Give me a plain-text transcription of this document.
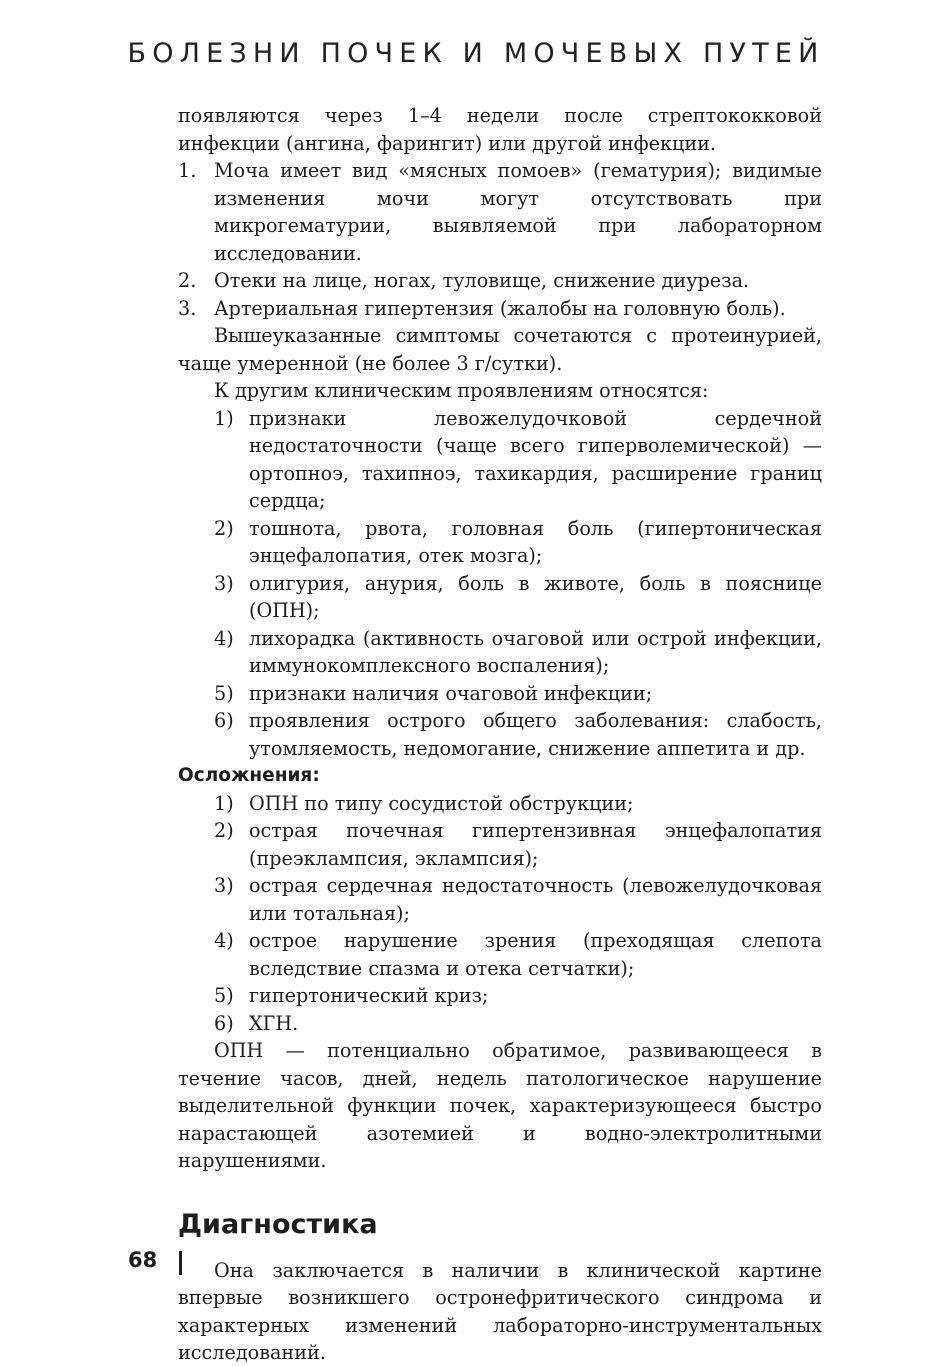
БОЛЕЗНИ ПОЧЕК И МОЧЕВЫХ ПУТЕЙ

появляются через 1–4 недели после стрептококковой инфекции (ангина, фарингит) или другой инфекции.

1. Моча имеет вид «мясных помоев» (гематурия); видимые изменения мочи могут отсутствовать при микрогематурии, выявляемой при лабораторном исследовании.
2. Отеки на лице, ногах, туловище, снижение диуреза.
3. Артериальная гипертензия (жалобы на головную боль).

Вышеуказанные симптомы сочетаются с протеинурией, чаще умеренной (не более 3 г/сутки).

К другим клиническим проявлениям относятся:

1) признаки левожелудочковой сердечной недостаточности (чаще всего гиперволемической) — ортопноэ, тахипноэ, тахикардия, расширение границ сердца;
2) тошнота, рвота, головная боль (гипертоническая энцефалопатия, отек мозга);
3) олигурия, анурия, боль в животе, боль в пояснице (ОПН);
4) лихорадка (активность очаговой или острой инфекции, иммунокомплексного воспаления);
5) признаки наличия очаговой инфекции;
6) проявления острого общего заболевания: слабость, утомляемость, недомогание, снижение аппетита и др.

Осложнения:

1) ОПН по типу сосудистой обструкции;
2) острая почечная гипертензивная энцефалопатия (преэклампсия, эклампсия);
3) острая сердечная недостаточность (левожелудочковая или тотальная);
4) острое нарушение зрения (преходящая слепота вследствие спазма и отека сетчатки);
5) гипертонический криз;
6) ХГН.

ОПН — потенциально обратимое, развивающееся в течение часов, дней, недель патологическое нарушение выделительной функции почек, характеризующееся быстро нарастающей азотемией и водно-электролитными нарушениями.

Диагностика

Она заключается в наличии в клинической картине впервые возникшего остронефритического синдрома и характерных изменений лабораторно-инструментальных исследований.

68
